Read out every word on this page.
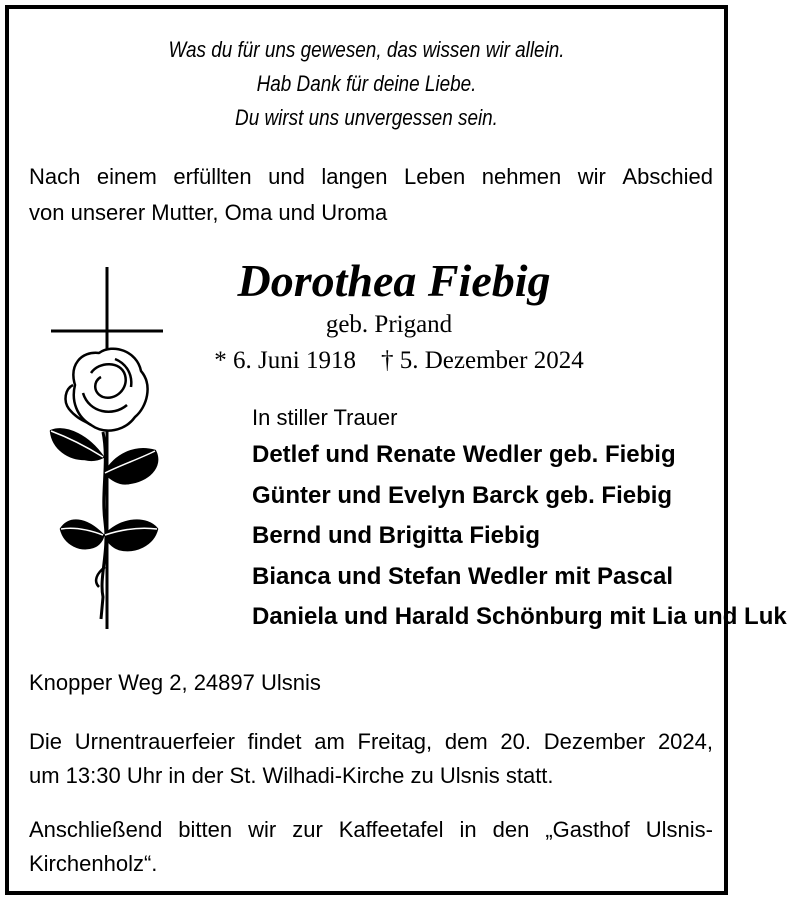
Was du für uns gewesen, das wissen wir allein.
Hab Dank für deine Liebe.
Du wirst uns unvergessen sein.
Nach einem erfüllten und langen Leben nehmen wir Abschied
von unserer Mutter, Oma und Uroma
Dorothea Fiebig
geb. Prigand
* 6. Juni 1918 † 5. Dezember 2024
In stiller Trauer
Detlef und Renate Wedler geb. Fiebig
Günter und Evelyn Barck geb. Fiebig
Bernd und Brigitta Fiebig
Bianca und Stefan Wedler mit Pascal
Daniela und Harald Schönburg mit Lia und Luk
Knopper Weg 2, 24897 Ulsnis
Die Urnentrauerfeier findet am Freitag, dem 20. Dezember 2024,
um 13:30 Uhr in der St. Wilhadi-Kirche zu Ulsnis statt.
Anschließend bitten wir zur Kaffeetafel in den „Gasthof Ulsnis-
Kirchenholz“.
